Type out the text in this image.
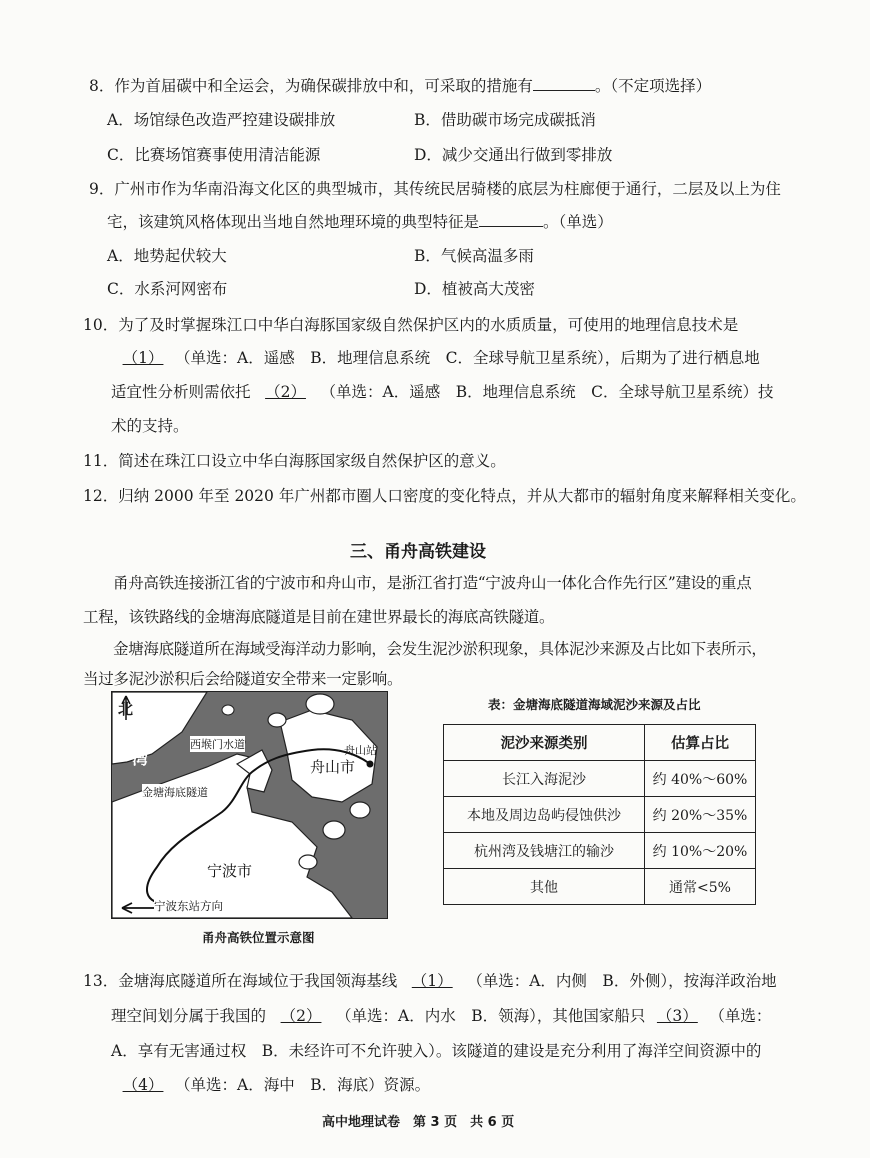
8．作为首届碳中和全运会，为确保碳排放中和，可采取的措施有	。（不定项选择）
A．场馆绿色改造严控建设碳排放	B．借助碳市场完成碳抵消
C．比赛场馆赛事使用清洁能源	D．减少交通出行做到零排放
9．广州市作为华南沿海文化区的典型城市，其传统民居骑楼的底层为柱廊便于通行，二层及以上为住
宅，该建筑风格体现出当地自然地理环境的典型特征是	。（单选）
A．地势起伏较大	B．气候高温多雨
C．水系河网密布	D．植被高大茂密
10．为了及时掌握珠江口中华白海豚国家级自然保护区内的水质质量，可使用的地理信息技术是
（1） （单选：A．遥感　B．地理信息系统　C．全球导航卫星系统），后期为了进行栖息地
适宜性分析则需依托 （2） （单选：A．遥感　B．地理信息系统　C．全球导航卫星系统）技
术的支持。
11．简述在珠江口设立中华白海豚国家级自然保护区的意义。
12．归纳 2000 年至 2020 年广州都市圈人口密度的变化特点，并从大都市的辐射角度来解释相关变化。
三、甬舟高铁建设
甬舟高铁连接浙江省的宁波市和舟山市，是浙江省打造“宁波舟山一体化合作先行区”建设的重点
工程，该铁路线的金塘海底隧道是目前在建世界最长的海底高铁隧道。
金塘海底隧道所在海域受海洋动力影响，会发生泥沙淤积现象，具体泥沙来源及占比如下表所示，
当过多泥沙淤积后会给隧道安全带来一定影响。
北 杭
州
湾
西堠门水道
金塘海底隧道
舟山站
舟山市
宁波市
宁波东站方向
甬舟高铁位置示意图
表：金塘海底隧道海域泥沙来源及占比
泥沙来源类别	估算占比
长江入海泥沙	约 40%～60%
本地及周边岛屿侵蚀供沙	约 20%～35%
杭州湾及钱塘江的输沙	约 10%～20%
其他	通常<5%
13．金塘海底隧道所在海域位于我国领海基线 （1） （单选：A．内侧　B．外侧），按海洋政治地
理空间划分属于我国的 （2） （单选：A．内水　B．领海），其他国家船只 （3） （单选：
A．享有无害通过权　B．未经许可不允许驶入）。该隧道的建设是充分利用了海洋空间资源中的
（4） （单选：A．海中　B．海底）资源。
高中地理试卷　第 3 页　共 6 页
